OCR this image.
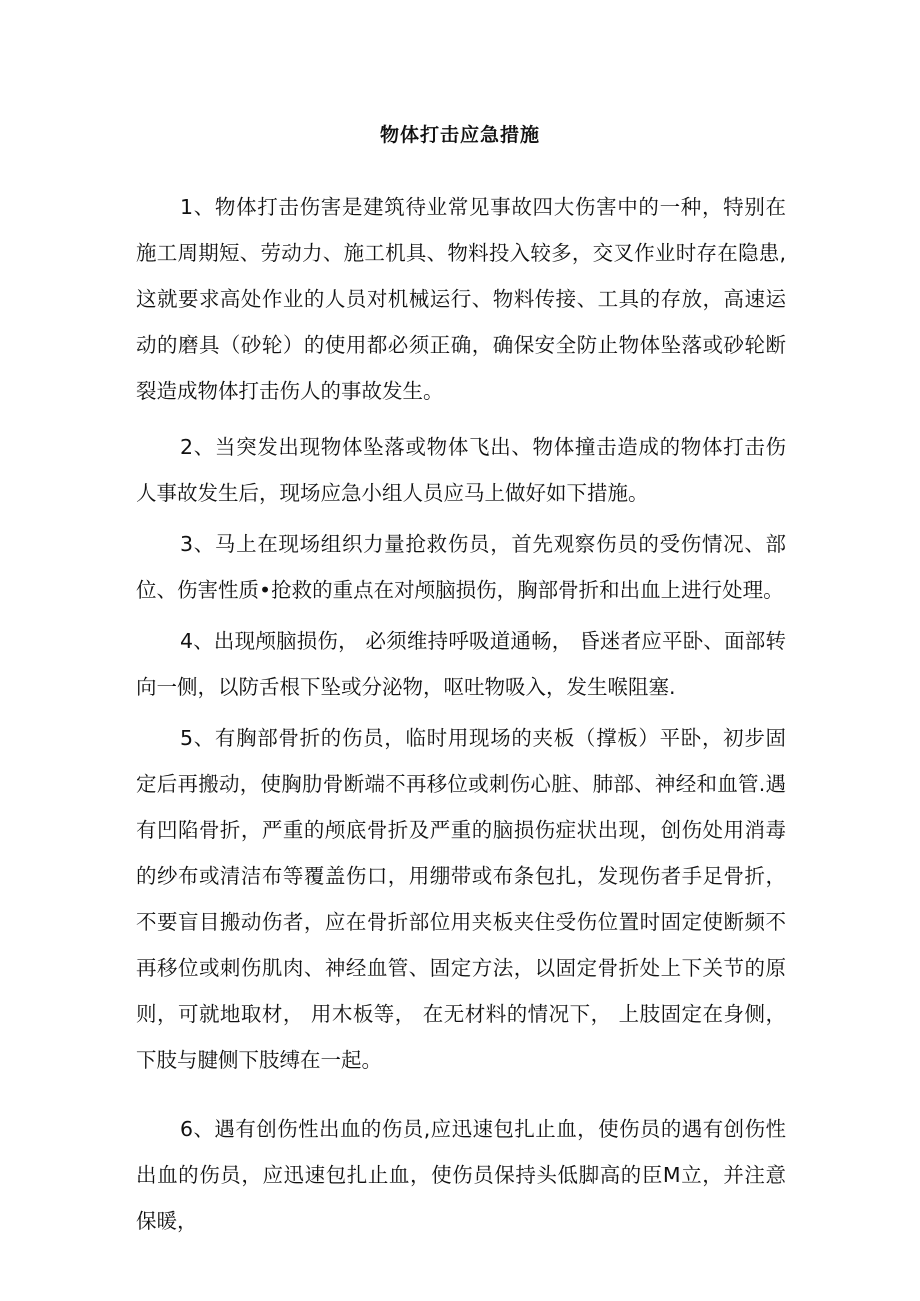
物体打击应急措施

1、物体打击伤害是建筑待业常见事故四大伤害中的一种，特别在施工周期短、劳动力、施工机具、物料投入较多，交叉作业时存在隐患,这就要求高处作业的人员对机械运行、物料传接、工具的存放，高速运动的磨具（砂轮）的使用都必须正确，确保安全防止物体坠落或砂轮断裂造成物体打击伤人的事故发生。

2、当突发出现物体坠落或物体飞出、物体撞击造成的物体打击伤人事故发生后，现场应急小组人员应马上做好如下措施。

3、马上在现场组织力量抢救伤员，首先观察伤员的受伤情况、部位、伤害性质•抢救的重点在对颅脑损伤，胸部骨折和出血上进行处理。

4、出现颅脑损伤， 必须维持呼吸道通畅， 昏迷者应平卧、面部转向一侧，以防舌根下坠或分泌物，呕吐物吸入，发生喉阻塞.

5、有胸部骨折的伤员，临时用现场的夹板（撑板）平卧，初步固定后再搬动，使胸肋骨断端不再移位或刺伤心脏、肺部、神经和血管.遇有凹陷骨折，严重的颅底骨折及严重的脑损伤症状出现，创伤处用消毒的纱布或清洁布等覆盖伤口，用绷带或布条包扎，发现伤者手足骨折，不要盲目搬动伤者，应在骨折部位用夹板夹住受伤位置时固定使断频不再移位或刺伤肌肉、神经血管、固定方法，以固定骨折处上下关节的原则，可就地取材， 用木板等， 在无材料的情况下， 上肢固定在身侧，下肢与腱侧下肢缚在一起。

6、遇有创伤性出血的伤员,应迅速包扎止血，使伤员的遇有创伤性出血的伤员，应迅速包扎止血，使伤员保持头低脚高的臣M立，并注意保暖，
